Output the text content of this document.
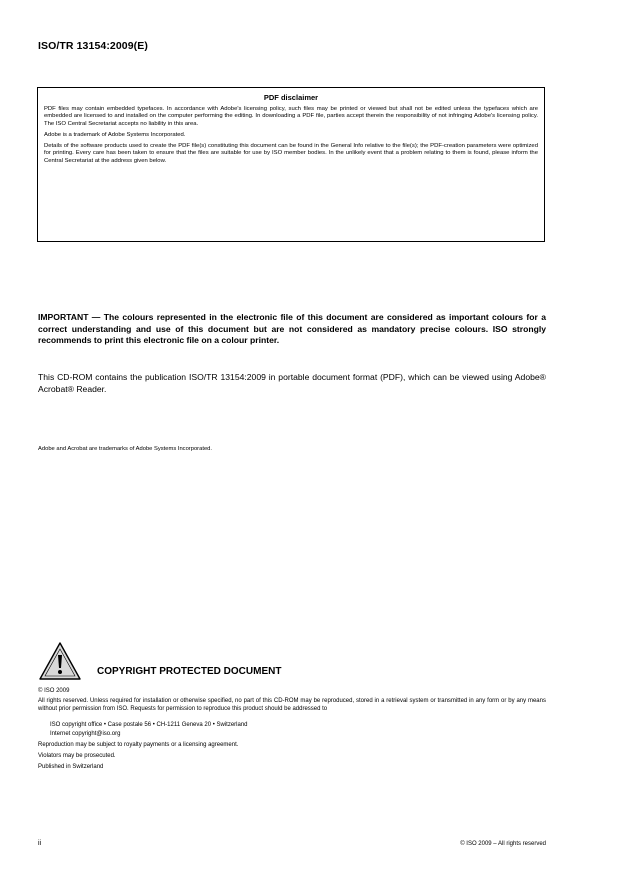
ISO/TR 13154:2009(E)
PDF disclaimer

PDF files may contain embedded typefaces. In accordance with Adobe's licensing policy, such files may be printed or viewed but shall not be edited unless the typefaces which are embedded are licensed to and installed on the computer performing the editing. In downloading a PDF file, parties accept therein the responsibility of not infringing Adobe's licensing policy. The ISO Central Secretariat accepts no liability in this area.

Adobe is a trademark of Adobe Systems Incorporated.

Details of the software products used to create the PDF file(s) constituting this document can be found in the General Info relative to the file(s); the PDF-creation parameters were optimized for printing. Every care has been taken to ensure that the files are suitable for use by ISO member bodies. In the unlikely event that a problem relating to them is found, please inform the Central Secretariat at the address given below.

IMPORTANT — The colours represented in the electronic file of this document are considered as important colours for a correct understanding and use of this document but are not considered as mandatory precise colours. ISO strongly recommends to print this electronic file on a colour printer.

This CD-ROM contains the publication ISO/TR 13154:2009 in portable document format (PDF), which can be viewed using Adobe® Acrobat® Reader.

Adobe and Acrobat are trademarks of Adobe Systems Incorporated.

COPYRIGHT PROTECTED DOCUMENT

© ISO 2009

All rights reserved. Unless required for installation or otherwise specified, no part of this CD-ROM may be reproduced, stored in a retrieval system or transmitted in any form or by any means without prior permission from ISO. Requests for permission to reproduce this product should be addressed to

ISO copyright office • Case postale 56 • CH-1211 Geneva 20 • Switzerland

Internet copyright@iso.org

Reproduction may be subject to royalty payments or a licensing agreement.

Violators may be prosecuted.

Published in Switzerland

ii	© ISO 2009 – All rights reserved
